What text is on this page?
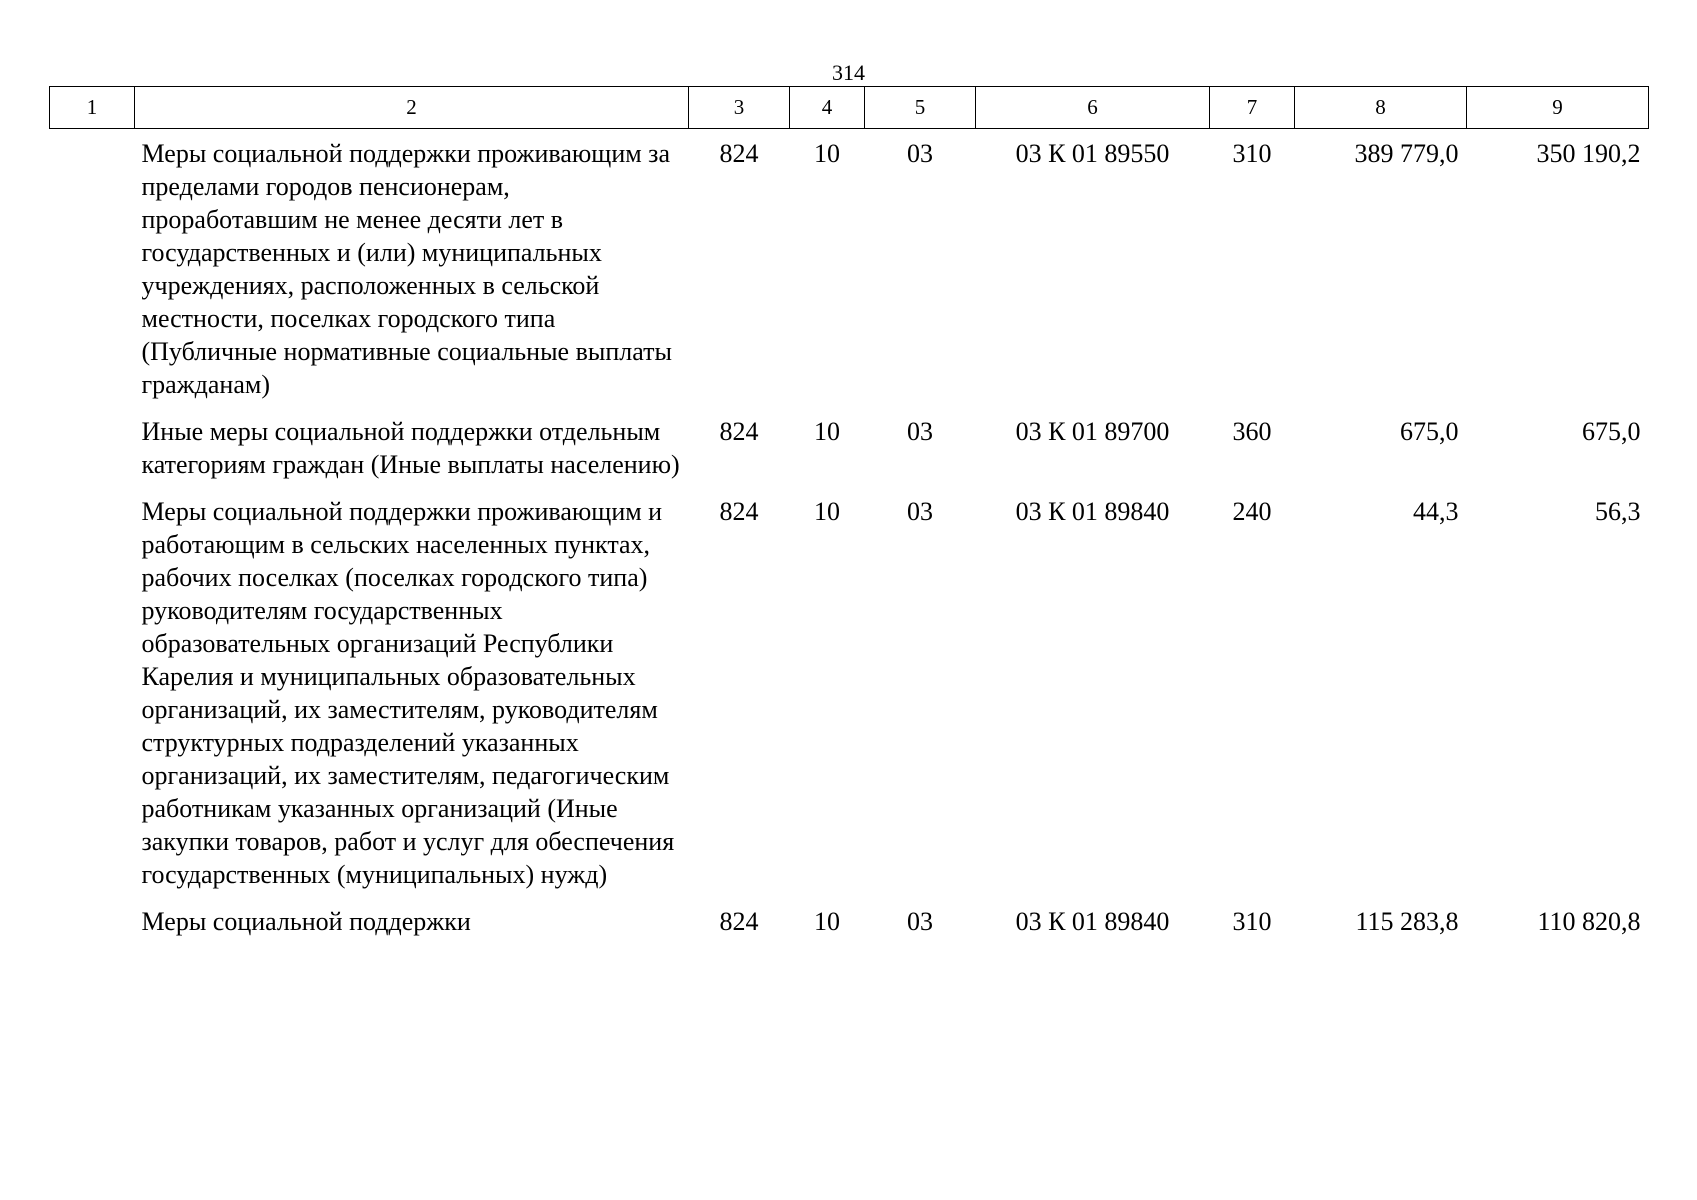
314
1	2	3	4	5	6	7	8	9
	Меры социальной поддержки проживающим за пределами городов пенсионерам, проработавшим не менее десяти лет в государственных и (или) муниципальных учреждениях, расположенных в сельской местности, поселках городского типа (Публичные нормативные социальные выплаты гражданам)	824	10	03	03 К 01 89550	310	389 779,0	350 190,2
	Иные меры социальной поддержки отдельным категориям граждан (Иные выплаты населению)	824	10	03	03 К 01 89700	360	675,0	675,0
	Меры социальной поддержки проживающим и работающим в сельских населенных пунктах, рабочих поселках (поселках городского типа) руководителям государственных образовательных организаций Республики Карелия и муниципальных образовательных организаций, их заместителям, руководителям структурных подразделений указанных организаций, их заместителям, педагогическим работникам указанных организаций (Иные закупки товаров, работ и услуг для обеспечения государственных (муниципальных) нужд)	824	10	03	03 К 01 89840	240	44,3	56,3
	Меры социальной поддержки	824	10	03	03 К 01 89840	310	115 283,8	110 820,8
